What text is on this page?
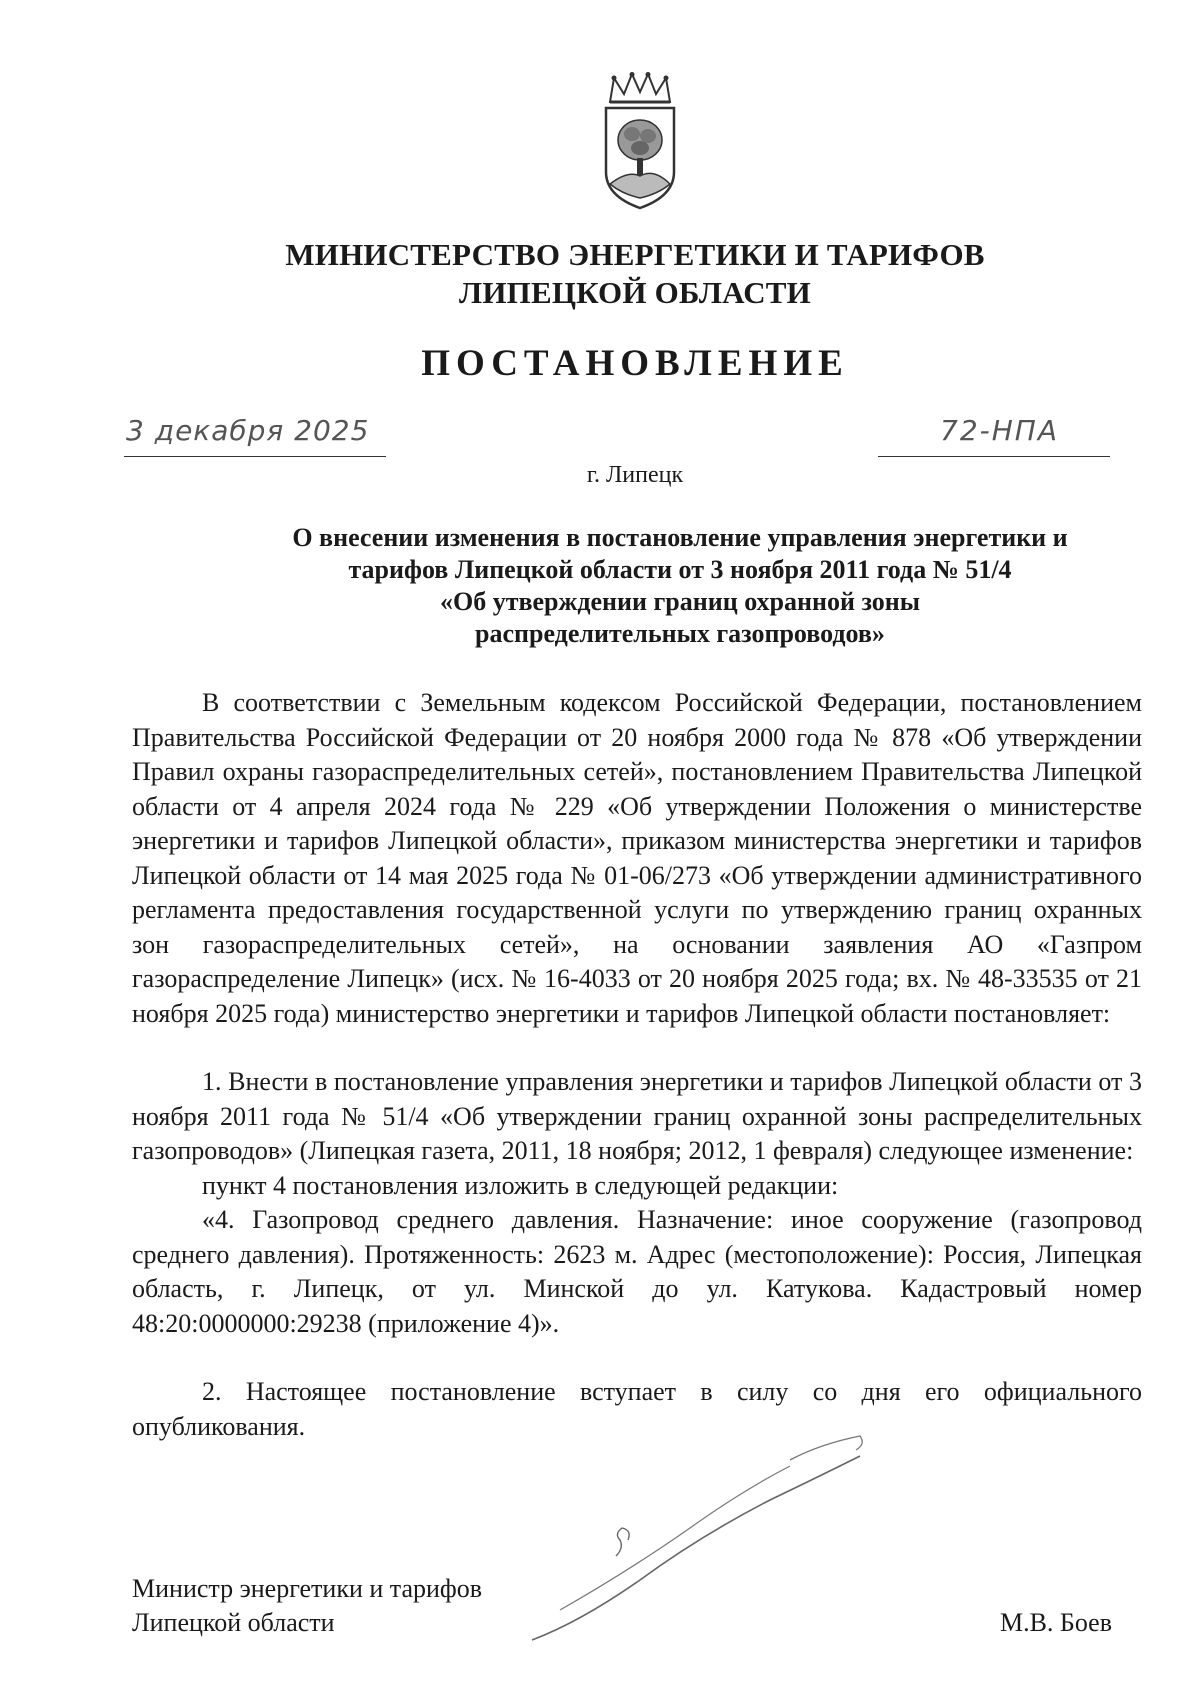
МИНИСТЕРСТВО ЭНЕРГЕТИКИ И ТАРИФОВ
ЛИПЕЦКОЙ ОБЛАСТИ
ПОСТАНОВЛЕНИЕ
3 декабря 2025	72-НПА
г. Липецк
О внесении изменения в постановление управления энергетики и
тарифов Липецкой области от 3 ноября 2011 года № 51/4
«Об утверждении границ охранной зоны
распределительных газопроводов»

В соответствии с Земельным кодексом Российской Федерации, постановлением Правительства Российской Федерации от 20 ноября 2000 года № 878 «Об утверждении Правил охраны газораспределительных сетей», постановлением Правительства Липецкой области от 4 апреля 2024 года № 229 «Об утверждении Положения о министерстве энергетики и тарифов Липецкой области», приказом министерства энергетики и тарифов Липецкой области от 14 мая 2025 года № 01-06/273 «Об утверждении административного регламента предоставления государственной услуги по утверждению границ охранных зон газораспределительных сетей», на основании заявления АО «Газпром газораспределение Липецк» (исх. № 16-4033 от 20 ноября 2025 года; вх. № 48-33535 от 21 ноября 2025 года) министерство энергетики и тарифов Липецкой области постановляет:

1. Внести в постановление управления энергетики и тарифов Липецкой области от 3 ноября 2011 года № 51/4 «Об утверждении границ охранной зоны распределительных газопроводов» (Липецкая газета, 2011, 18 ноября; 2012, 1 февраля) следующее изменение:

пункт 4 постановления изложить в следующей редакции:

«4. Газопровод среднего давления. Назначение: иное сооружение (газопровод среднего давления). Протяженность: 2623 м. Адрес (местоположение): Россия, Липецкая область, г. Липецк, от ул. Минской до ул. Катукова. Кадастровый номер 48:20:0000000:29238 (приложение 4)».

2. Настоящее постановление вступает в силу со дня его официального опубликования.

Министр энергетики и тарифов
Липецкой области	М.В. Боев
